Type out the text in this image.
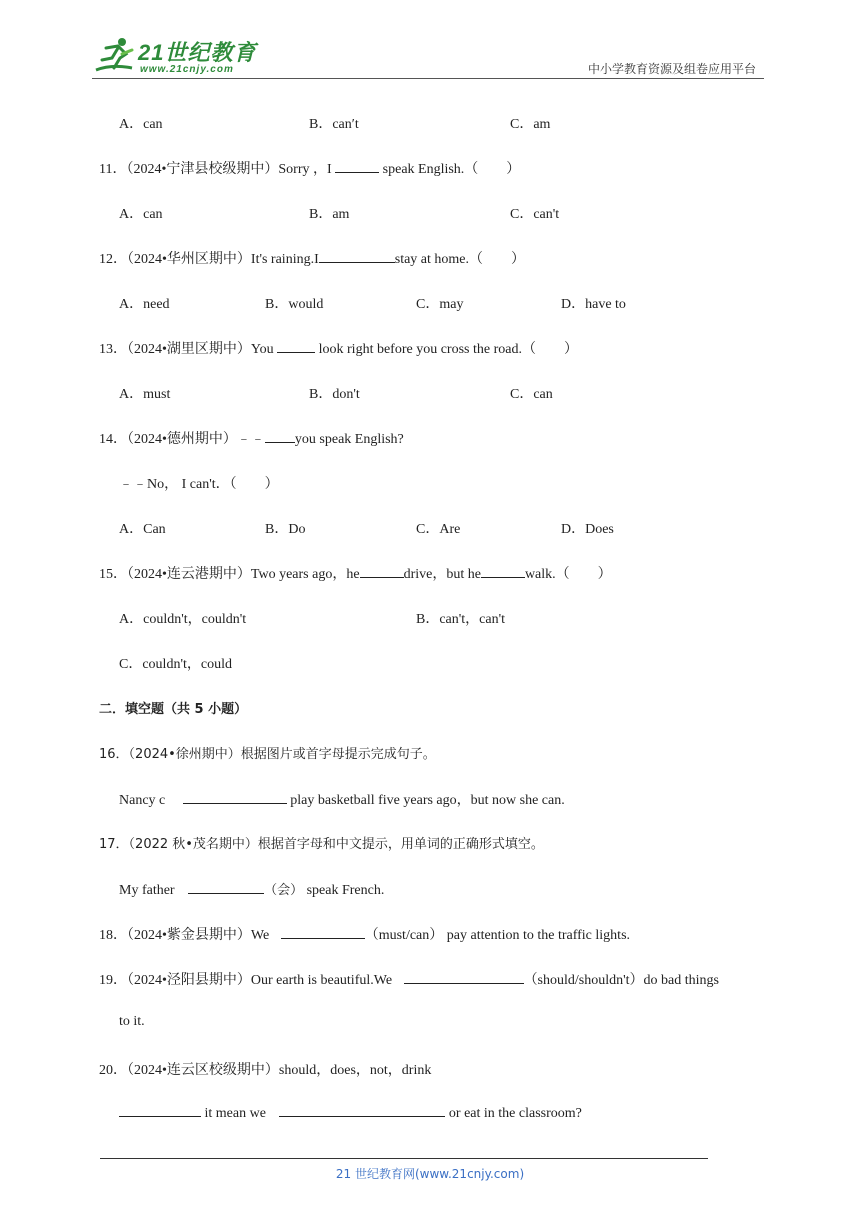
21世纪教育
www.21cnjy.com	中小学教育资源及组卷应用平台
A．can	B．can′t	C．am
11．（2024•宁津县校级期中）Sorry ，I	speak English.（　　）
A．can	B．am	C．can't
12．（2024•华州区期中）It's raining.I	stay at home.（　　）
A．need	B．would	C．may	D．have to
13．（2024•湖里区期中）You	look right before you cross the road.（　　）
A．must	B．don't	C．can
14．（2024•德州期中）﹣﹣ you speak English?
﹣﹣No， I can't．（　　）
A．Can	B．Do	C．Are	D．Does
15．（2024•连云港期中）Two years ago，he	drive，but he	walk.（　　）
A．couldn't，couldn't	B．can't，can't
C．couldn't，could
二．填空题（共 5 小题）
16．（2024•徐州期中）根据图片或首字母提示完成句子。
Nancy c	play basketball five years ago，but now she can.
17．（2022 秋•茂名期中）根据首字母和中文提示，用单词的正确形式填空。
My father	（会） speak French.
18．（2024•紫金县期中）We	（must/can） pay attention to the traffic lights.
19．（2024•泾阳县期中）Our earth is beautiful.We	（should/shouldn't）do bad things
to it.
20．（2024•连云区校级期中）should，does，not，drink
it mean we	or eat in the classroom?
21 世纪教育网(www.21cnjy.com)
